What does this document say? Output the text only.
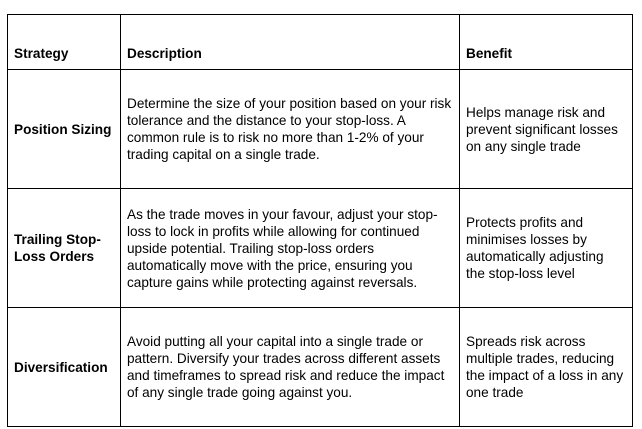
Strategy	Description	Benefit
Position Sizing	Determine the size of your position based on your risk tolerance and the distance to your stop-loss. A common rule is to risk no more than 1-2% of your trading capital on a single trade.	Helps manage risk and prevent significant losses on any single trade
Trailing Stop-Loss Orders	As the trade moves in your favour, adjust your stop-loss to lock in profits while allowing for continued upside potential. Trailing stop-loss orders automatically move with the price, ensuring you capture gains while protecting against reversals.	Protects profits and minimises losses by automatically adjusting the stop-loss level
Diversification	Avoid putting all your capital into a single trade or pattern. Diversify your trades across different assets and timeframes to spread risk and reduce the impact of any single trade going against you.	Spreads risk across multiple trades, reducing the impact of a loss in any one trade
